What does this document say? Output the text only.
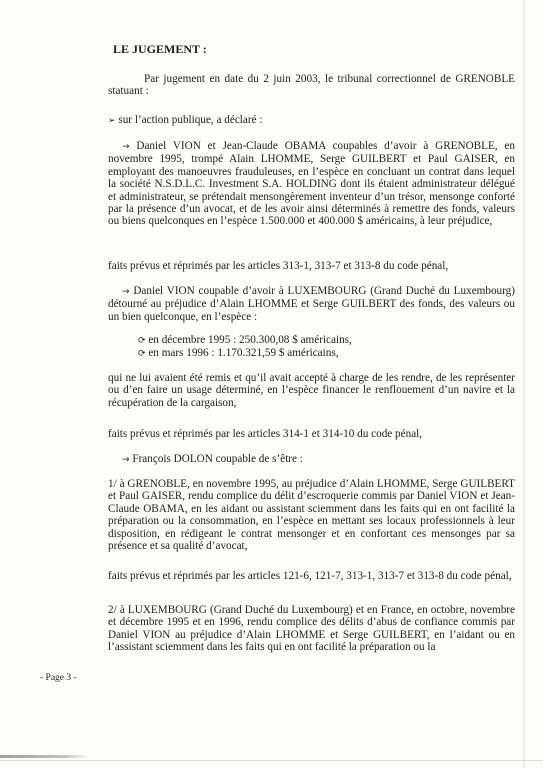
LE JUGEMENT :

Par jugement en date du 2 juin 2003, le tribunal correctionnel de GRENOBLE statuant :

➢ sur l’action publique, a déclaré :

→ Daniel VION et Jean-Claude OBAMA coupables d’avoir à GRENOBLE, en novembre 1995, trompé Alain LHOMME, Serge GUILBERT et Paul GAISER, en employant des manoeuvres frauduleuses, en l’espèce en concluant un contrat dans lequel la société N.S.D.L.C. Investment S.A. HOLDING dont ils étaient administrateur délégué et administrateur, se prétendait mensongèrement inventeur d’un trésor, mensonge conforté par la présence d’un avocat, et de les avoir ainsi déterminés à remettre des fonds, valeurs ou biens quelconques en l’espèce 1.500.000 et 400.000 $ américains, à leur préjudice,

faits prévus et réprimés par les articles 313-1, 313-7 et 313-8 du code pénal,

→ Daniel VION coupable d’avoir à LUXEMBOURG (Grand Duché du Luxembourg) détourné au préjudice d’Alain LHOMME et Serge GUILBERT des fonds, des valeurs ou un bien quelconque, en l’espèce :

⟳ en décembre 1995 : 250.300,08 $ américains,

⟳ en mars 1996 : 1.170.321,59 $ américains,

qui ne lui avaient été remis et qu’il avait accepté à charge de les rendre, de les représenter ou d’en faire un usage déterminé, en l’espèce financer le renflouement d’un navire et la récupération de la cargaison,

faits prévus et réprimés par les articles 314-1 et 314-10 du code pénal,

→ François DOLON coupable de s’être :

1/ à GRENOBLE, en novembre 1995, au préjudice d’Alain LHOMME, Serge GUILBERT et Paul GAISER, rendu complice du délit d’escroquerie commis par Daniel VION et Jean-Claude OBAMA, en les aidant ou assistant sciemment dans les faits qui en ont facilité la préparation ou la consommation, en l’espèce en mettant ses locaux professionnels à leur disposition, en rédigeant le contrat mensonger et en confortant ces mensonges par sa présence et sa qualité d’avocat,

faits prévus et réprimés par les articles 121-6, 121-7, 313-1, 313-7 et 313-8 du code pénal,

2/ à LUXEMBOURG (Grand Duché du Luxembourg) et en France, en octobre, novembre et décembre 1995 et en 1996, rendu complice des délits d’abus de confiance commis par Daniel VION au préjudice d’Alain LHOMME et Serge GUILBERT, en l’aidant ou en l’assistant sciemment dans les faits qui en ont facilité la préparation ou la

- Page 3 -
